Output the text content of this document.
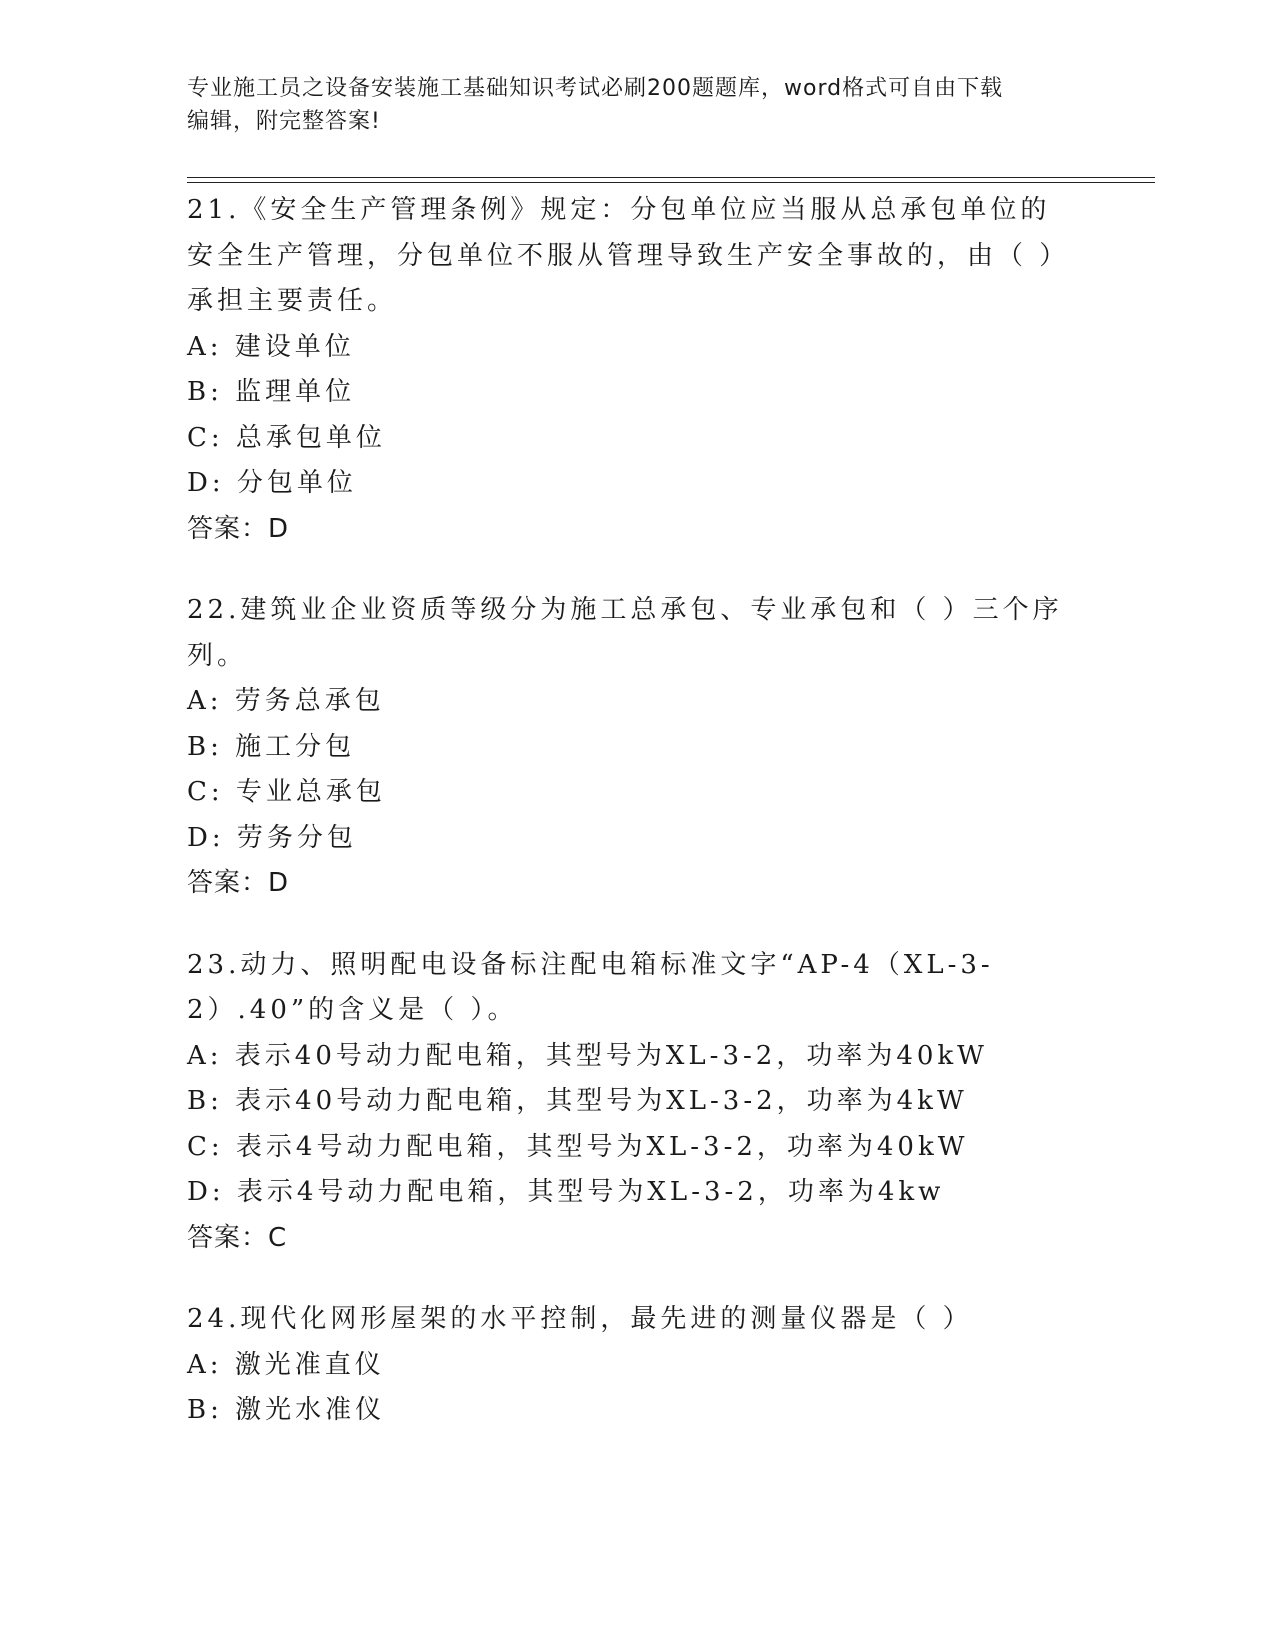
专业施工员之设备安装施工基础知识考试必刷200题题库，word格式可自由下载
编辑，附完整答案!
21.《安全生产管理条例》规定：分包单位应当服从总承包单位的安全生产管理，分包单位不服从管理导致生产安全事故的，由（ ）承担主要责任。
A: 建设单位
B: 监理单位
C: 总承包单位
D: 分包单位
答案：D
22.建筑业企业资质等级分为施工总承包、专业承包和（ ）三个序列。
A: 劳务总承包
B: 施工分包
C: 专业总承包
D: 劳务分包
答案：D
23.动力、照明配电设备标注配电箱标准文字“AP-4（XL-3-2）.40”的含义是（ ）。
A: 表示40号动力配电箱，其型号为XL-3-2，功率为40kW
B: 表示40号动力配电箱，其型号为XL-3-2，功率为4kW
C: 表示4号动力配电箱，其型号为XL-3-2，功率为40kW
D: 表示4号动力配电箱，其型号为XL-3-2，功率为4kw
答案：C
24.现代化网形屋架的水平控制，最先进的测量仪器是（ ）
A: 激光准直仪
B: 激光水准仪
